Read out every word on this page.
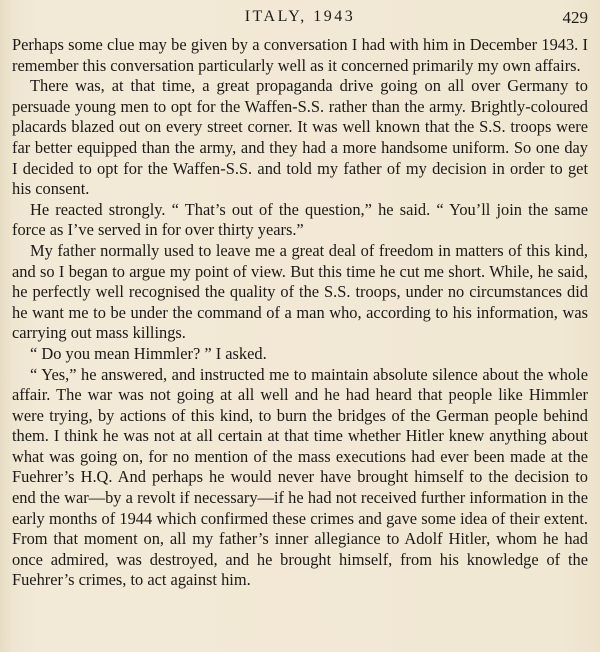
ITALY, 1943	429

Perhaps some clue may be given by a conversation I had with him in December 1943. I remember this conversation particularly well as it concerned primarily my own affairs.

There was, at that time, a great propaganda drive going on all over Germany to persuade young men to opt for the Waffen-S.S. rather than the army. Brightly-coloured placards blazed out on every street corner. It was well known that the S.S. troops were far better equipped than the army, and they had a more handsome uniform. So one day I decided to opt for the Waffen-S.S. and told my father of my decision in order to get his consent.

He reacted strongly. “ That’s out of the question,” he said. “ You’ll join the same force as I’ve served in for over thirty years.”

My father normally used to leave me a great deal of freedom in matters of this kind, and so I began to argue my point of view. But this time he cut me short. While, he said, he perfectly well recognised the quality of the S.S. troops, under no circumstances did he want me to be under the command of a man who, according to his information, was carrying out mass killings.

“ Do you mean Himmler? ” I asked.

“ Yes,” he answered, and instructed me to maintain absolute silence about the whole affair. The war was not going at all well and he had heard that people like Himmler were trying, by actions of this kind, to burn the bridges of the German people behind them. I think he was not at all certain at that time whether Hitler knew anything about what was going on, for no mention of the mass executions had ever been made at the Fuehrer’s H.Q. And perhaps he would never have brought himself to the decision to end the war—by a revolt if necessary—if he had not received further information in the early months of 1944 which confirmed these crimes and gave some idea of their extent. From that moment on, all my father’s inner allegiance to Adolf Hitler, whom he had once admired, was destroyed, and he brought himself, from his knowledge of the Fuehrer’s crimes, to act against him.
